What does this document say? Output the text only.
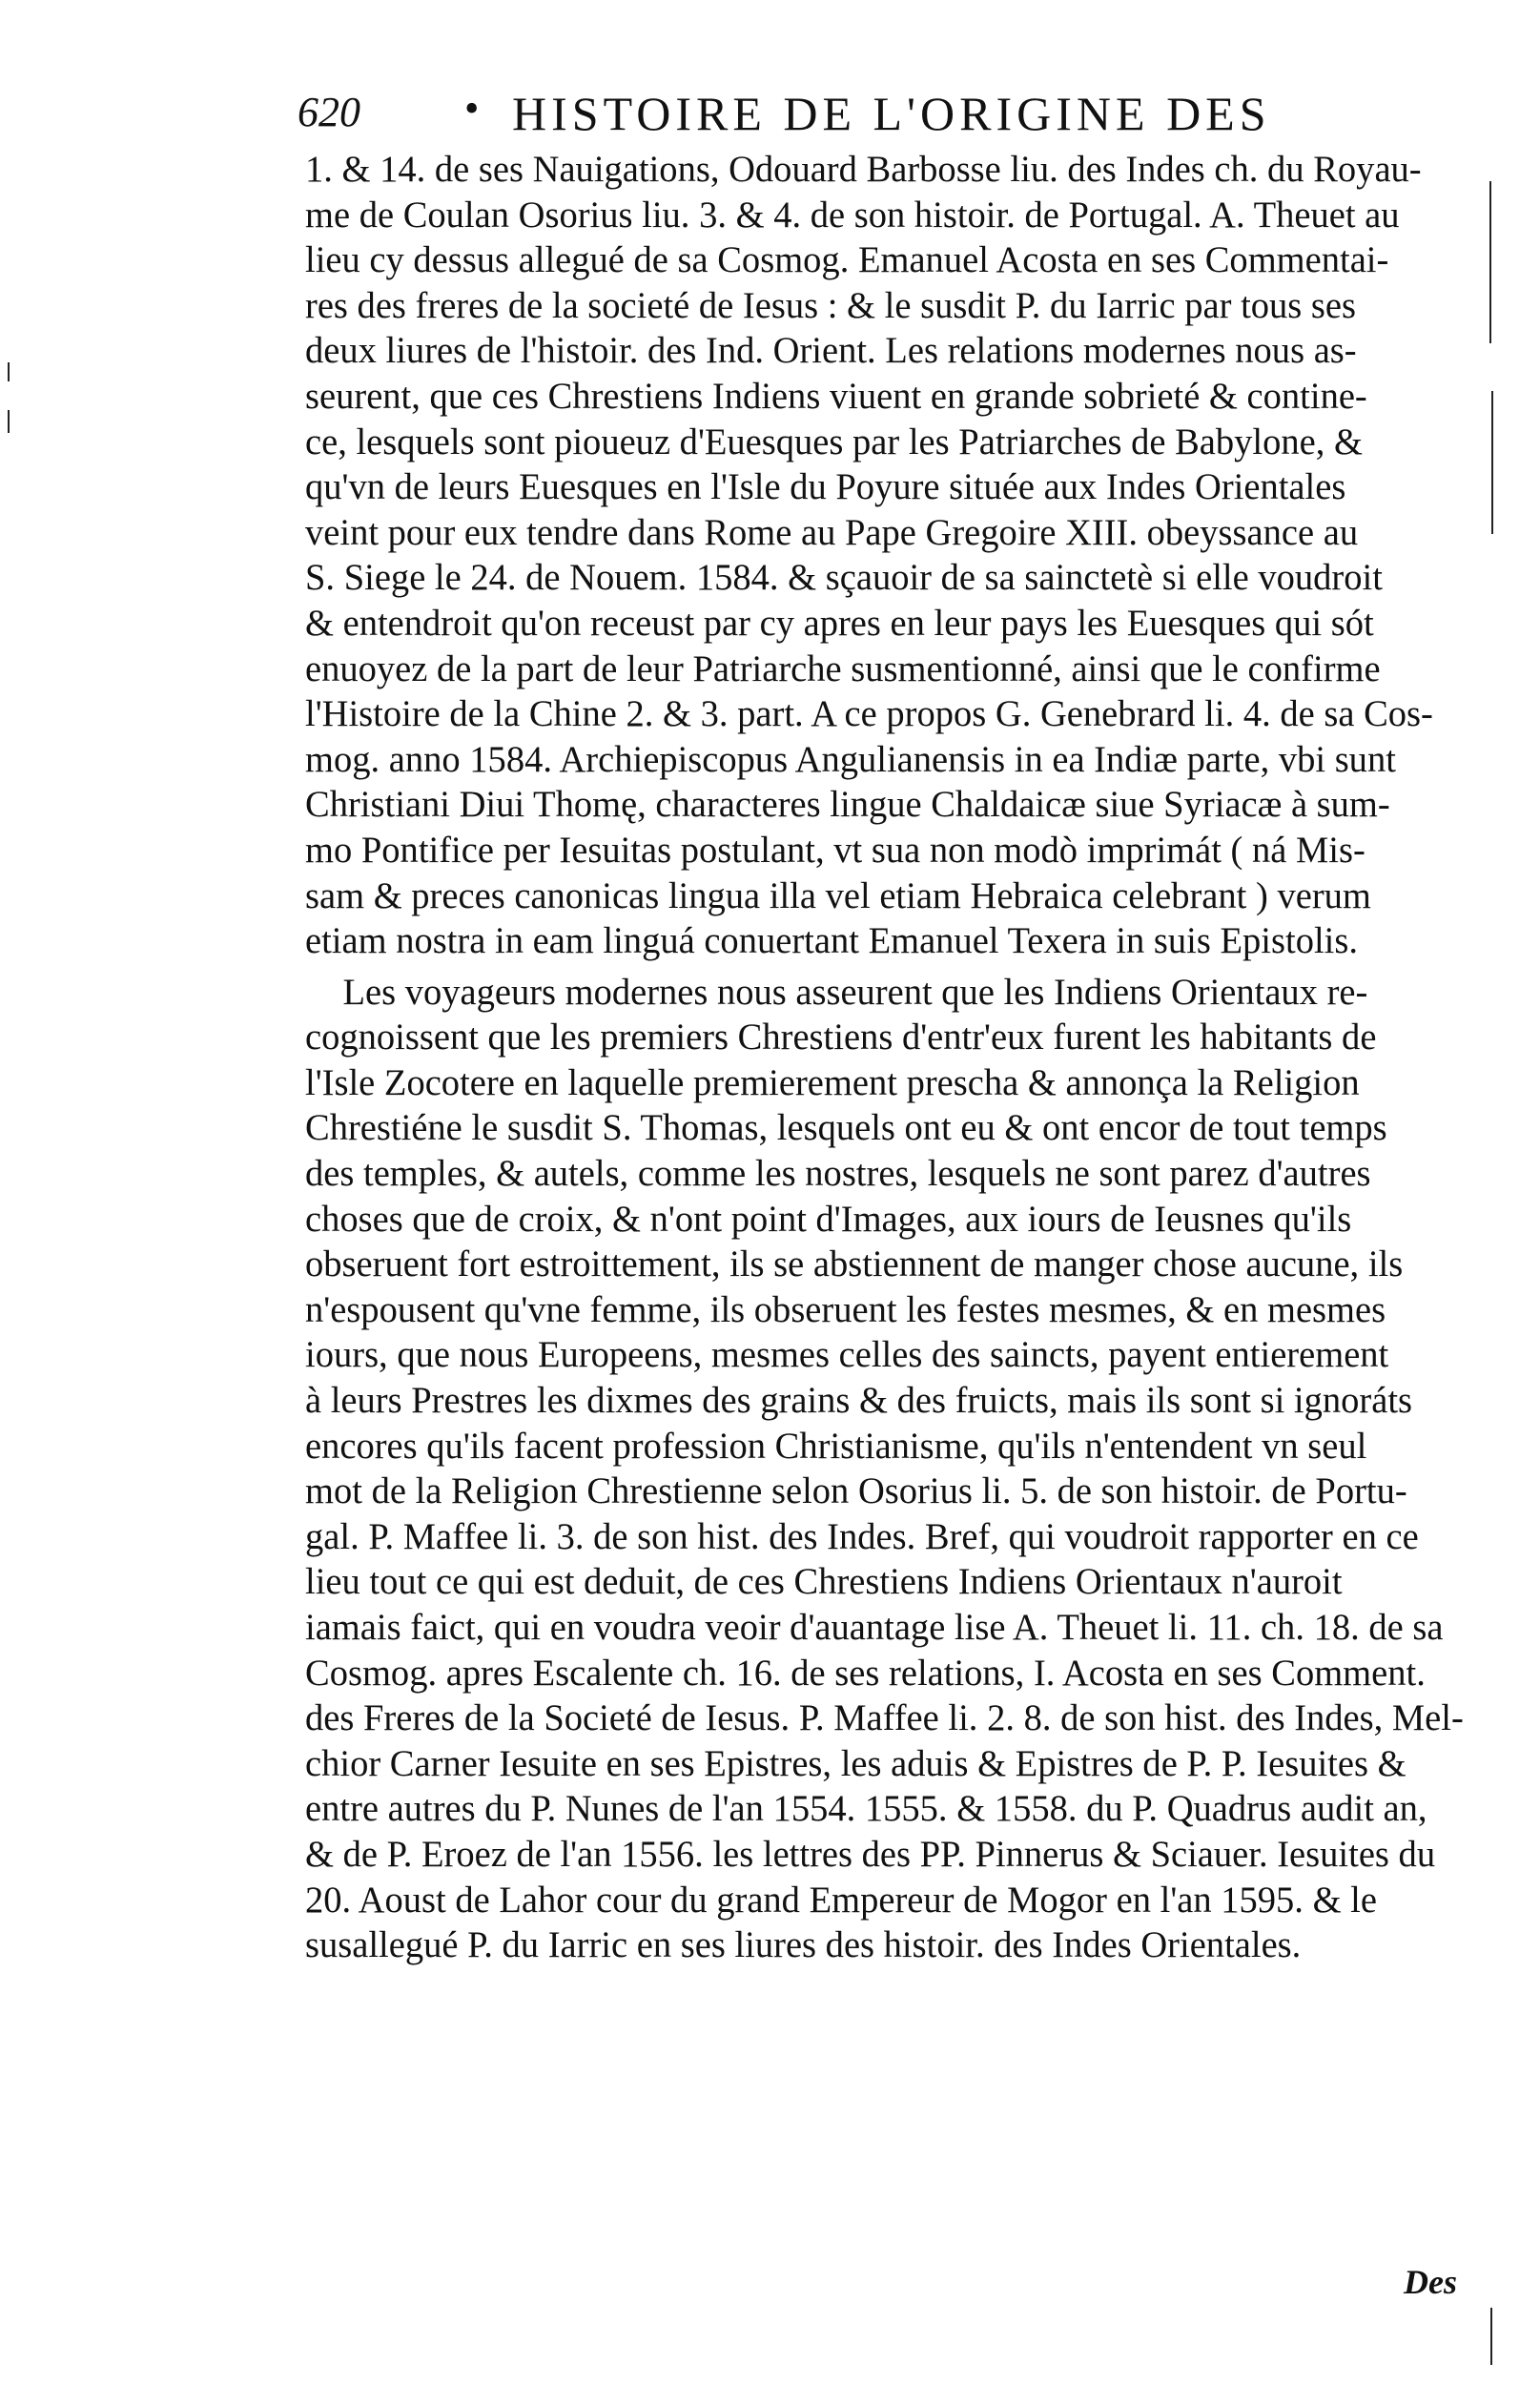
620 • HISTOIRE DE L'ORIGINE DES
1. & 14. de ses Nauigations, Odouard Barbosse liu. des Indes ch. du Royau-
me de Coulan Osorius liu. 3. & 4. de son histoir. de Portugal. A. Theuet au
lieu cy dessus allegué de sa Cosmog. Emanuel Acosta en ses Commentai-
res des freres de la societé de Iesus : & le susdit P. du Iarric par tous ses
deux liures de l'histoir. des Ind. Orient. Les relations modernes nous as-
seurent, que ces Chrestiens Indiens viuent en grande sobrieté & contine-
ce, lesquels sont pioueuz d'Euesques par les Patriarches de Babylone, &
qu'vn de leurs Euesques en l'Isle du Poyure située aux Indes Orientales
veint pour eux tendre dans Rome au Pape Gregoire XIII. obeyssance au
S. Siege le 24. de Nouem. 1584. & sçauoir de sa sainctetè si elle voudroit
& entendroit qu'on receust par cy apres en leur pays les Euesques qui sót
enuoyez de la part de leur Patriarche susmentionné, ainsi que le confirme
l'Histoire de la Chine 2. & 3. part. A ce propos G. Genebrard li. 4. de sa Cos-
mog. anno 1584. Archiepiscopus Angulianensis in ea Indiæ parte, vbi sunt
Christiani Diui Thomę, characteres lingue Chaldaicæ siue Syriacæ à sum-
mo Pontifice per Iesuitas postulant, vt sua non modò imprimát ( ná Mis-
sam & preces canonicas lingua illa vel etiam Hebraica celebrant ) verum
etiam nostra in eam linguá conuertant Emanuel Texera in suis Epistolis.
Les voyageurs modernes nous asseurent que les Indiens Orientaux re-
cognoissent que les premiers Chrestiens d'entr'eux furent les habitants de
l'Isle Zocotere en laquelle premierement prescha & annonça la Religion
Chrestiéne le susdit S. Thomas, lesquels ont eu & ont encor de tout temps
des temples, & autels, comme les nostres, lesquels ne sont parez d'autres
choses que de croix, & n'ont point d'Images, aux iours de Ieusnes qu'ils
obseruent fort estroittement, ils se abstiennent de manger chose aucune, ils
n'espousent qu'vne femme, ils obseruent les festes mesmes, & en mesmes
iours, que nous Europeens, mesmes celles des saincts, payent entierement
à leurs Prestres les dixmes des grains & des fruicts, mais ils sont si ignoráts
encores qu'ils facent profession Christianisme, qu'ils n'entendent vn seul
mot de la Religion Chrestienne selon Osorius li. 5. de son histoir. de Portu-
gal. P. Maffee li. 3. de son hist. des Indes. Bref, qui voudroit rapporter en ce
lieu tout ce qui est deduit, de ces Chrestiens Indiens Orientaux n'auroit
iamais faict, qui en voudra veoir d'auantage lise A. Theuet li. 11. ch. 18. de sa
Cosmog. apres Escalente ch. 16. de ses relations, I. Acosta en ses Comment.
des Freres de la Societé de Iesus. P. Maffee li. 2. 8. de son hist. des Indes, Mel-
chior Carner Iesuite en ses Epistres, les aduis & Epistres de P. P. Iesuites &
entre autres du P. Nunes de l'an 1554. 1555. & 1558. du P. Quadrus audit an,
& de P. Eroez de l'an 1556. les lettres des PP. Pinnerus & Sciauer. Iesuites du
20. Aoust de Lahor cour du grand Empereur de Mogor en l'an 1595. & le
susallegué P. du Iarric en ses liures des histoir. des Indes Orientales.
Des
